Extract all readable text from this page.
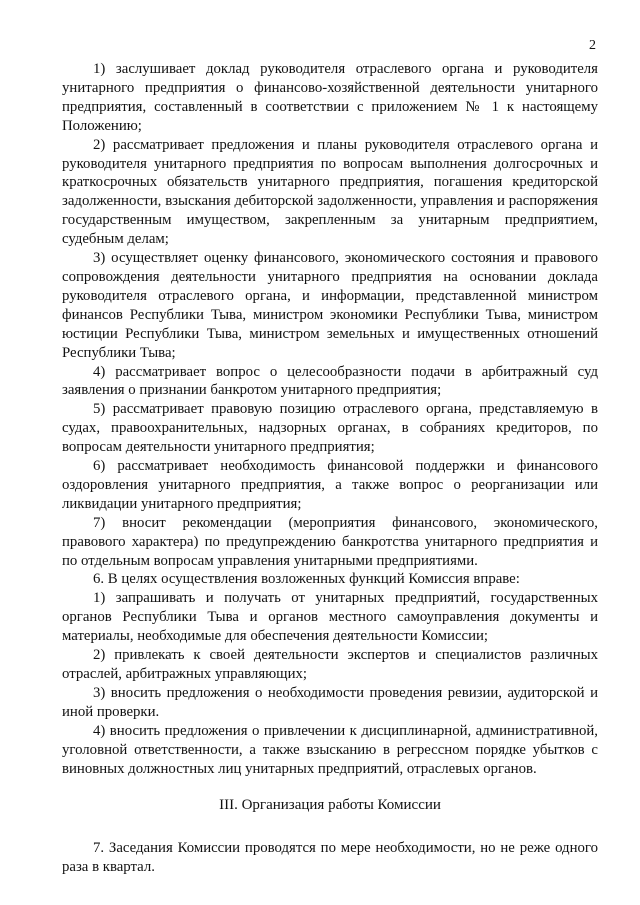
2

1) заслушивает доклад руководителя отраслевого органа и руководителя унитарного предприятия о финансово-хозяйственной деятельности унитарного предприятия, составленный в соответствии с приложением № 1 к настоящему Положению;

2) рассматривает предложения и планы руководителя отраслевого органа и руководителя унитарного предприятия по вопросам выполнения долгосрочных и краткосрочных обязательств унитарного предприятия, погашения кредиторской задолженности, взыскания дебиторской задолженности, управления и распоряжения государственным имуществом, закрепленным за унитарным предприятием, судебным делам;

3) осуществляет оценку финансового, экономического состояния и правового сопровождения деятельности унитарного предприятия на основании доклада руководителя отраслевого органа, и информации, представленной министром финансов Республики Тыва, министром экономики Республики Тыва, министром юстиции Республики Тыва, министром земельных и имущественных отношений Республики Тыва;

4) рассматривает вопрос о целесообразности подачи в арбитражный суд заявления о признании банкротом унитарного предприятия;

5) рассматривает правовую позицию отраслевого органа, представляемую в судах, правоохранительных, надзорных органах, в собраниях кредиторов, по вопросам деятельности унитарного предприятия;

6) рассматривает необходимость финансовой поддержки и финансового оздоровления унитарного предприятия, а также вопрос о реорганизации или ликвидации унитарного предприятия;

7) вносит рекомендации (мероприятия финансового, экономического, правового характера) по предупреждению банкротства унитарного предприятия и по отдельным вопросам управления унитарными предприятиями.

6. В целях осуществления возложенных функций Комиссия вправе:

1) запрашивать и получать от унитарных предприятий, государственных органов Республики Тыва и органов местного самоуправления документы и материалы, необходимые для обеспечения деятельности Комиссии;

2) привлекать к своей деятельности экспертов и специалистов различных отраслей, арбитражных управляющих;

3) вносить предложения о необходимости проведения ревизии, аудиторской и иной проверки.

4) вносить предложения о привлечении к дисциплинарной, административной, уголовной ответственности, а также взысканию в регрессном порядке убытков с виновных должностных лиц унитарных предприятий, отраслевых органов.

III. Организация работы Комиссии

7. Заседания Комиссии проводятся по мере необходимости, но не реже одного раза в квартал.
